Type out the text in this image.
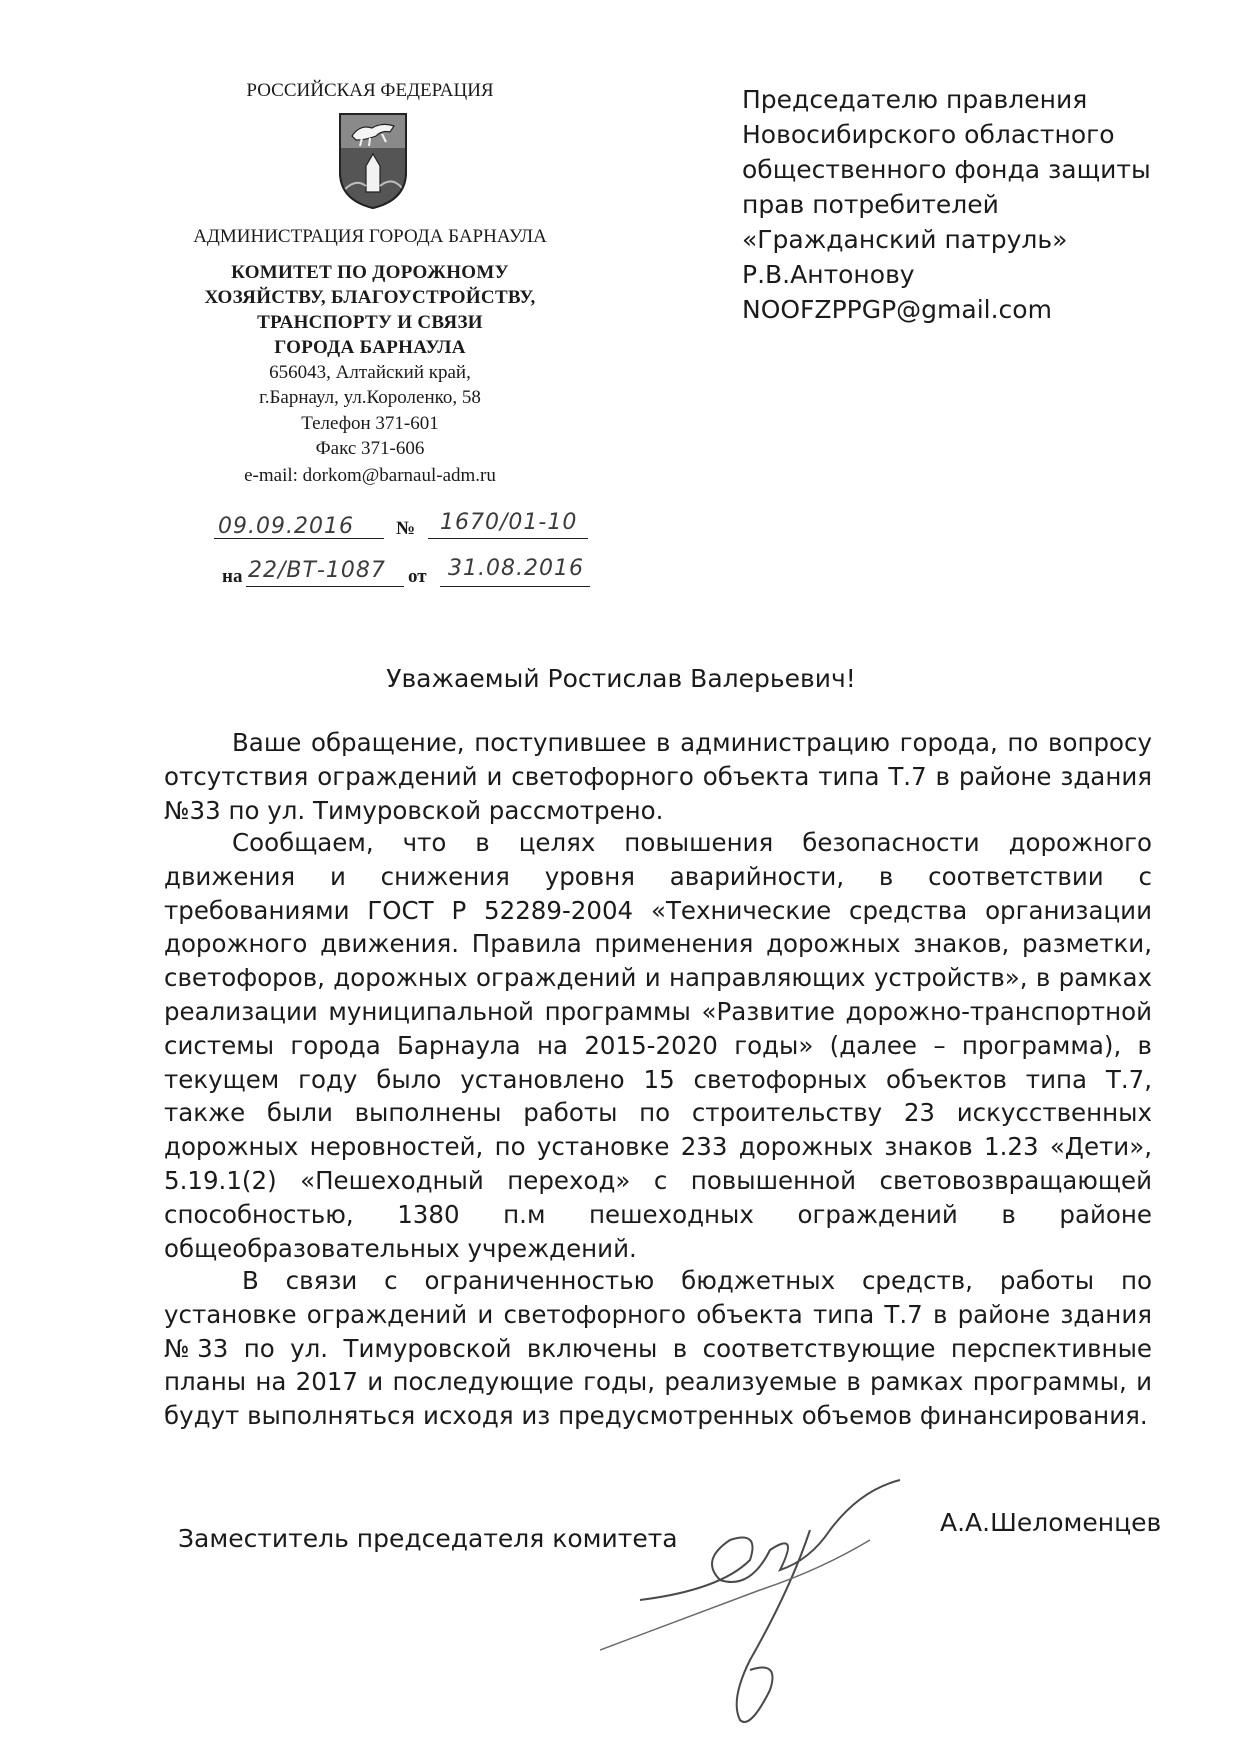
РОССИЙСКАЯ ФЕДЕРАЦИЯ
АДМИНИСТРАЦИЯ ГОРОДА БАРНАУЛА
КОМИТЕТ ПО ДОРОЖНОМУ
ХОЗЯЙСТВУ, БЛАГОУСТРОЙСТВУ,
ТРАНСПОРТУ И СВЯЗИ
ГОРОДА БАРНАУЛА
656043, Алтайский край,
г.Барнаул, ул.Короленко, 58
Телефон 371-601
Факс 371-606
e-mail: dorkom@barnaul-adm.ru
09.09.2016 № 1670/01-10
на 22/ВТ-1087 от 31.08.2016
Председателю правления
Новосибирского областного
общественного фонда защиты
прав потребителей
«Гражданский патруль»
Р.В.Антонову
NOOFZPPGP@gmail.com
Уважаемый Ростислав Валерьевич!
Ваше обращение, поступившее в администрацию города, по вопросу отсутствия ограждений и светофорного объекта типа Т.7 в районе здания №33 по ул. Тимуровской рассмотрено.
Сообщаем, что в целях повышения безопасности дорожного движения и снижения уровня аварийности, в соответствии с требованиями ГОСТ Р 52289-2004 «Технические средства организации дорожного движения. Правила применения дорожных знаков, разметки, светофоров, дорожных ограждений и направляющих устройств», в рамках реализации муниципальной программы «Развитие дорожно-транспортной системы города Барнаула на 2015-2020 годы» (далее – программа), в текущем году было установлено 15 светофорных объектов типа Т.7, также были выполнены работы по строительству 23 искусственных дорожных неровностей, по установке 233 дорожных знаков 1.23 «Дети», 5.19.1(2) «Пешеходный переход» с повышенной световозвращающей способностью, 1380 п.м пешеходных ограждений в районе общеобразовательных учреждений.
В связи с ограниченностью бюджетных средств, работы по установке ограждений и светофорного объекта типа Т.7 в районе здания №33 по ул. Тимуровской включены в соответствующие перспективные планы на 2017 и последующие годы, реализуемые в рамках программы, и будут выполняться исходя из предусмотренных объемов финансирования.
Заместитель председателя комитета
А.А.Шеломенцев
